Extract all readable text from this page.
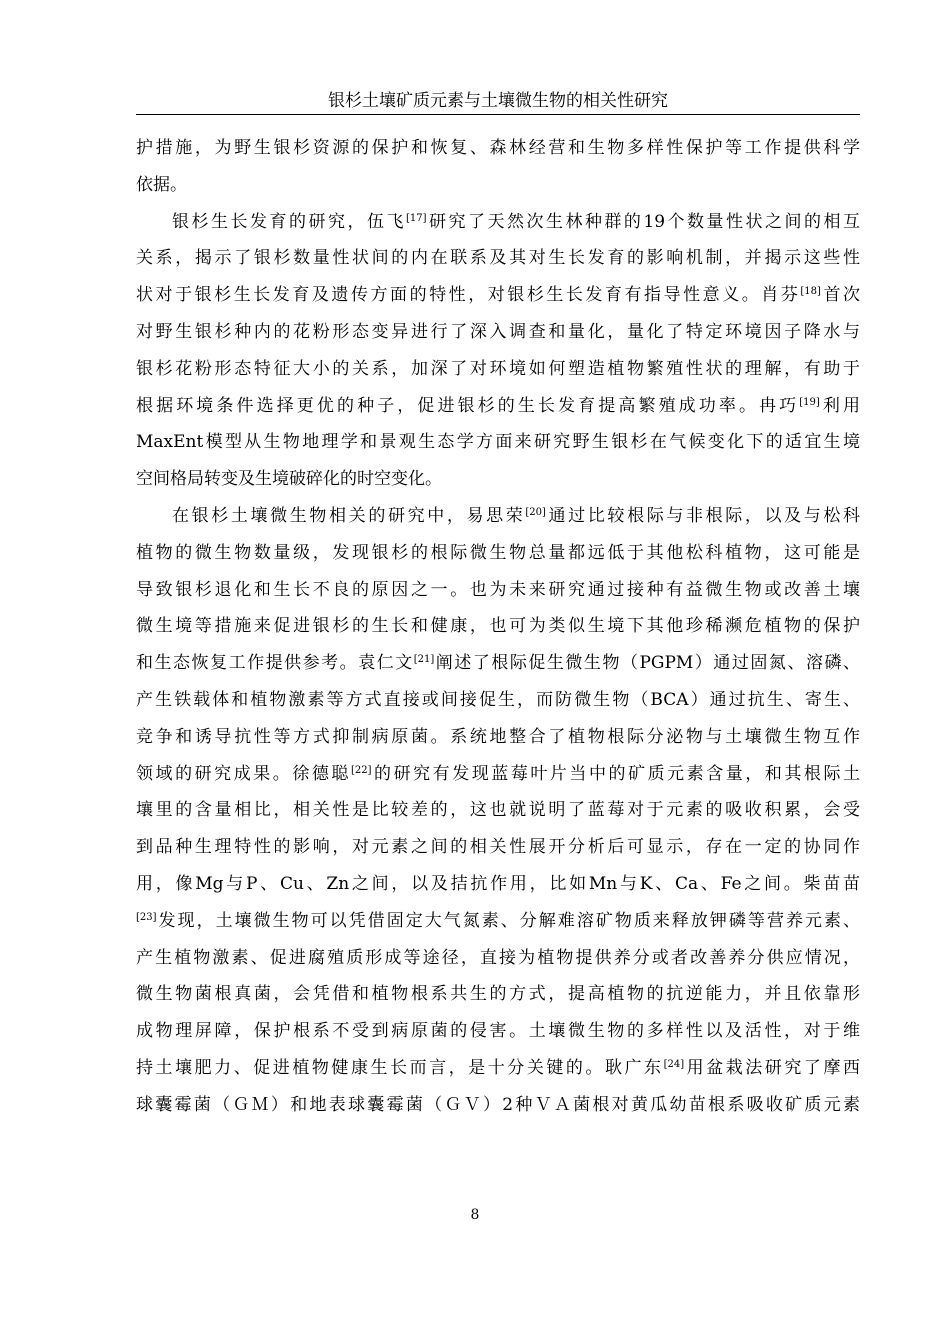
银杉土壤矿质元素与土壤微生物的相关性研究
护措施，为野生银杉资源的保护和恢复、森林经营和生物多样性保护等工作提供科学
依据。
银杉生长发育的研究，伍飞[17]研究了天然次生林种群的19个数量性状之间的相互
关系，揭示了银杉数量性状间的内在联系及其对生长发育的影响机制，并揭示这些性
状对于银杉生长发育及遗传方面的特性，对银杉生长发育有指导性意义。肖芬[18]首次
对野生银杉种内的花粉形态变异进行了深入调查和量化，量化了特定环境因子降水与
银杉花粉形态特征大小的关系，加深了对环境如何塑造植物繁殖性状的理解，有助于
根据环境条件选择更优的种子，促进银杉的生长发育提高繁殖成功率。冉巧[19]利用
MaxEnt模型从生物地理学和景观生态学方面来研究野生银杉在气候变化下的适宜生境
空间格局转变及生境破碎化的时空变化。
在银杉土壤微生物相关的研究中，易思荣[20]通过比较根际与非根际，以及与松科
植物的微生物数量级，发现银杉的根际微生物总量都远低于其他松科植物，这可能是
导致银杉退化和生长不良的原因之一。也为未来研究通过接种有益微生物或改善土壤
微生境等措施来促进银杉的生长和健康，也可为类似生境下其他珍稀濒危植物的保护
和生态恢复工作提供参考。袁仁文[21]阐述了根际促生微生物（PGPM）通过固氮、溶磷、
产生铁载体和植物激素等方式直接或间接促生，而防微生物（BCA）通过抗生、寄生、
竞争和诱导抗性等方式抑制病原菌。系统地整合了植物根际分泌物与土壤微生物互作
领域的研究成果。徐德聪[22]的研究有发现蓝莓叶片当中的矿质元素含量，和其根际土
壤里的含量相比，相关性是比较差的，这也就说明了蓝莓对于元素的吸收积累，会受
到品种生理特性的影响，对元素之间的相关性展开分析后可显示，存在一定的协同作
用，像Mg与P、Cu、Zn之间，以及拮抗作用，比如Mn与K、Ca、Fe之间。柴苗苗
[23]发现，土壤微生物可以凭借固定大气氮素、分解难溶矿物质来释放钾磷等营养元素、
产生植物激素、促进腐殖质形成等途径，直接为植物提供养分或者改善养分供应情况，
微生物菌根真菌，会凭借和植物根系共生的方式，提高植物的抗逆能力，并且依靠形
成物理屏障，保护根系不受到病原菌的侵害。土壤微生物的多样性以及活性，对于维
持土壤肥力、促进植物健康生长而言，是十分关键的。耿广东[24]用盆栽法研究了摩西
球囊霉菌（ＧＭ）和地表球囊霉菌（ＧＶ）2种ＶＡ菌根对黄瓜幼苗根系吸收矿质元素
8
